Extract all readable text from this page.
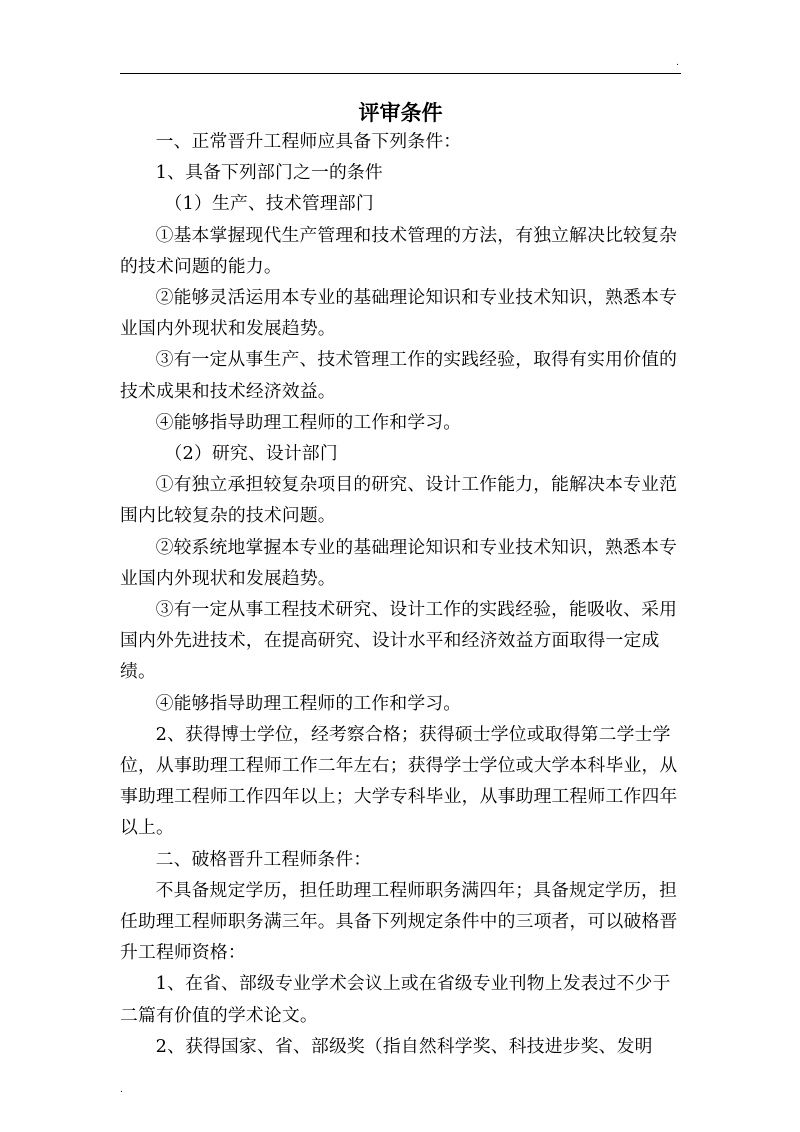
.
评审条件

一、正常晋升工程师应具备下列条件：

1、具备下列部门之一的条件

（1）生产、技术管理部门

①基本掌握现代生产管理和技术管理的方法，有独立解决比较复杂的技术问题的能力。

②能够灵活运用本专业的基础理论知识和专业技术知识，熟悉本专业国内外现状和发展趋势。

③有一定从事生产、技术管理工作的实践经验，取得有实用价值的技术成果和技术经济效益。

④能够指导助理工程师的工作和学习。

（2）研究、设计部门

①有独立承担较复杂项目的研究、设计工作能力，能解决本专业范围内比较复杂的技术问题。

②较系统地掌握本专业的基础理论知识和专业技术知识，熟悉本专业国内外现状和发展趋势。

③有一定从事工程技术研究、设计工作的实践经验，能吸收、采用国内外先进技术，在提高研究、设计水平和经济效益方面取得一定成绩。

④能够指导助理工程师的工作和学习。

2、获得博士学位，经考察合格；获得硕士学位或取得第二学士学位，从事助理工程师工作二年左右；获得学士学位或大学本科毕业，从事助理工程师工作四年以上；大学专科毕业，从事助理工程师工作四年以上。

二、破格晋升工程师条件：

不具备规定学历，担任助理工程师职务满四年；具备规定学历，担任助理工程师职务满三年。具备下列规定条件中的三项者，可以破格晋升工程师资格：

1、在省、部级专业学术会议上或在省级专业刊物上发表过不少于二篇有价值的学术论文。

2、获得国家、省、部级奖（指自然科学奖、科技进步奖、发明

.
